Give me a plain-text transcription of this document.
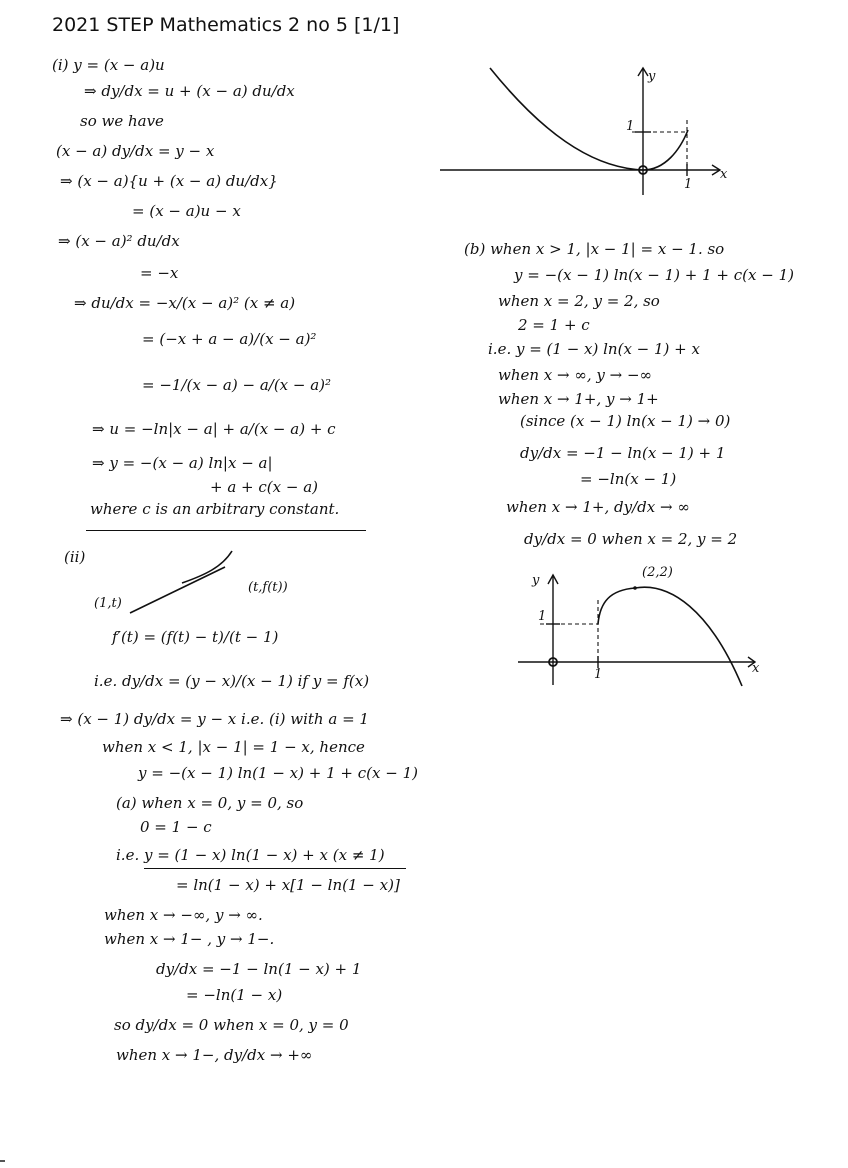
2021 STEP Mathematics 2 no 5 [1/1]
(i) y = (x − a)u
⇒ dy/dx = u + (x − a) du/dx
so we have
(x − a) dy/dx = y − x
⇒ (x − a){u + (x − a) du/dx}
= (x − a)u − x
⇒ (x − a)² du/dx
= −x
⇒ du/dx = −x/(x − a)² (x ≠ a)
= (−x + a − a)/(x − a)²
= −1/(x − a) − a/(x − a)²
⇒ u = −ln|x − a| + a/(x − a) + c
⇒ y = −(x − a) ln|x − a|
+ a + c(x − a)
where c is an arbitrary constant.
(ii)
(1,t)
(t,f(t))
f′(t) = (f(t) − t)/(t − 1)
i.e. dy/dx = (y − x)/(x − 1) if y = f(x)
⇒ (x − 1) dy/dx = y − x i.e. (i) with a = 1
when x < 1, |x − 1| = 1 − x, hence
y = −(x − 1) ln(1 − x) + 1 + c(x − 1)
(a) when x = 0, y = 0, so
0 = 1 − c
i.e. y = (1 − x) ln(1 − x) + x (x ≠ 1)
= ln(1 − x) + x[1 − ln(1 − x)]
when x → −∞, y → ∞.
when x → 1− , y → 1−.
dy/dx = −1 − ln(1 − x) + 1
= −ln(1 − x)
so dy/dx = 0 when x = 0, y = 0
when x → 1−, dy/dx → +∞
y
x
1
1
(b) when x > 1, |x − 1| = x − 1. so
y = −(x − 1) ln(x − 1) + 1 + c(x − 1)
when x = 2, y = 2, so
2 = 1 + c
i.e. y = (1 − x) ln(x − 1) + x
when x → ∞, y → −∞
when x → 1+, y → 1+
(since (x − 1) ln(x − 1) → 0)
dy/dx = −1 − ln(x − 1) + 1
= −ln(x − 1)
when x → 1+, dy/dx → ∞
dy/dx = 0 when x = 2, y = 2
y
x
1
1
(2,2)
